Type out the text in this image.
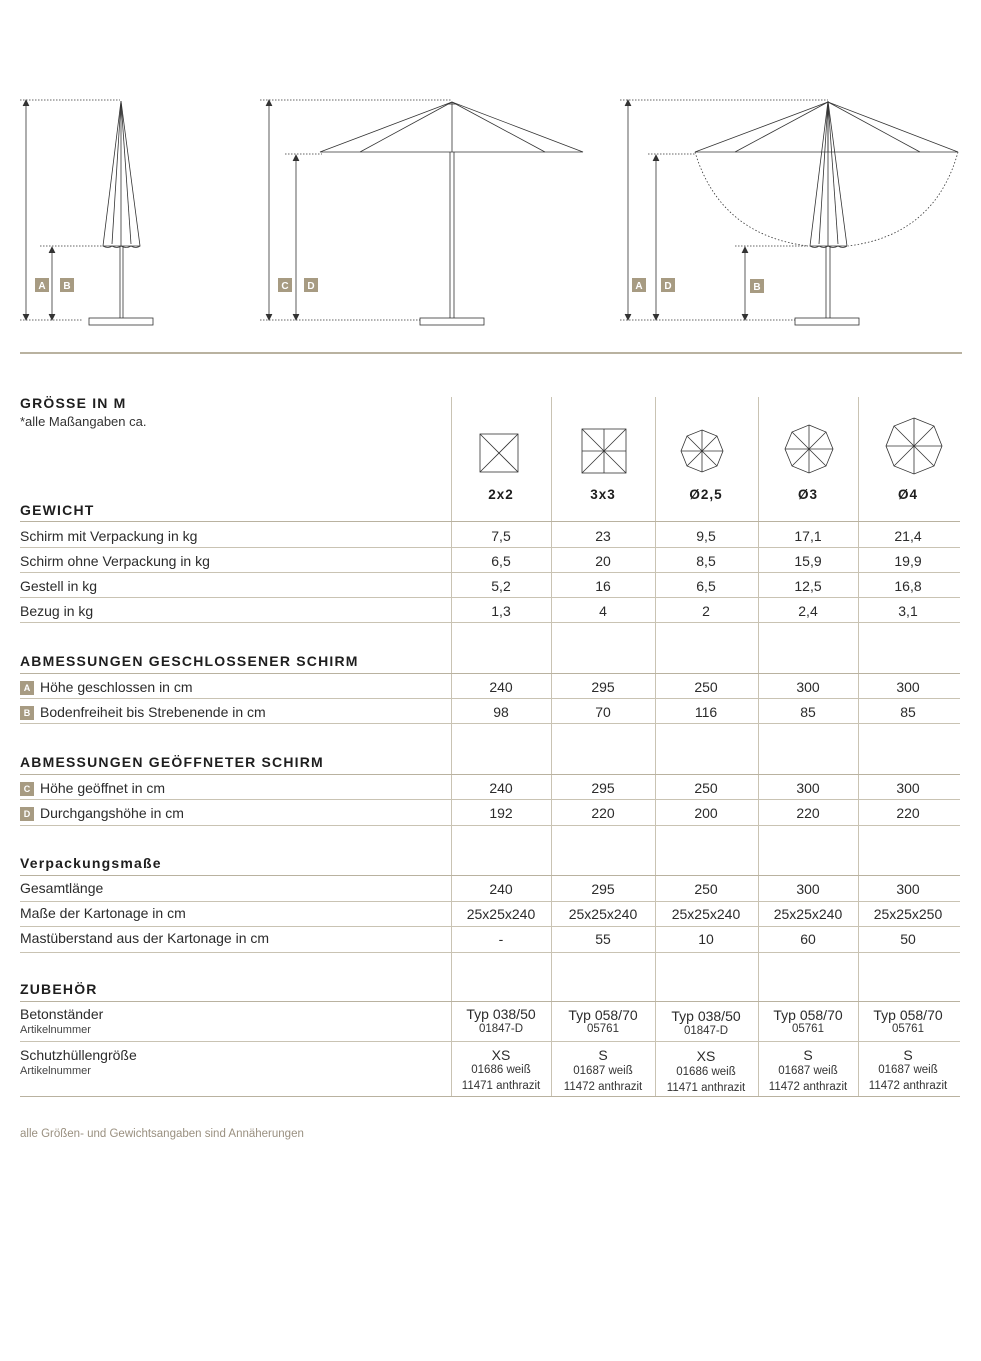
A B	C D	A D	B
GRÖSSE IN M
*alle Maßangaben ca.
2x2	3x3	Ø2,5	Ø3	Ø4
GEWICHT
Schirm mit Verpackung in kg	7,5	23	9,5	17,1	21,4
Schirm ohne Verpackung in kg	6,5	20	8,5	15,9	19,9
Gestell in kg	5,2	16	6,5	12,5	16,8
Bezug in kg	1,3	4	2	2,4	3,1
ABMESSUNGEN GESCHLOSSENER SCHIRM
A Höhe geschlossen in cm	240	295	250	300	300
B Bodenfreiheit bis Strebenende in cm	98	70	116	85	85
ABMESSUNGEN GEÖFFNETER SCHIRM
C Höhe geöffnet in cm	240	295	250	300	300
D Durchgangshöhe in cm	192	220	200	220	220
Verpackungsmaße
Gesamtlänge	240	295	250	300	300
Maße der Kartonage in cm	25x25x240	25x25x240	25x25x240	25x25x240	25x25x250
Mastüberstand aus der Kartonage in cm	-	55	10	60	50
ZUBEHÖR
Betonständer
Artikelnummer
Typ 038/50	Typ 058/70	Typ 038/50	Typ 058/70	Typ 058/70
01847-D	05761	01847-D	05761	05761
Schutzhüllengröße
Artikelnummer
XS	S	XS	S	S
01686 weiß	01687 weiß	01686 weiß	01687 weiß	01687 weiß
11471 anthrazit	11472 anthrazit	11471 anthrazit	11472 anthrazit	11472 anthrazit
alle Größen- und Gewichtsangaben sind Annäherungen
